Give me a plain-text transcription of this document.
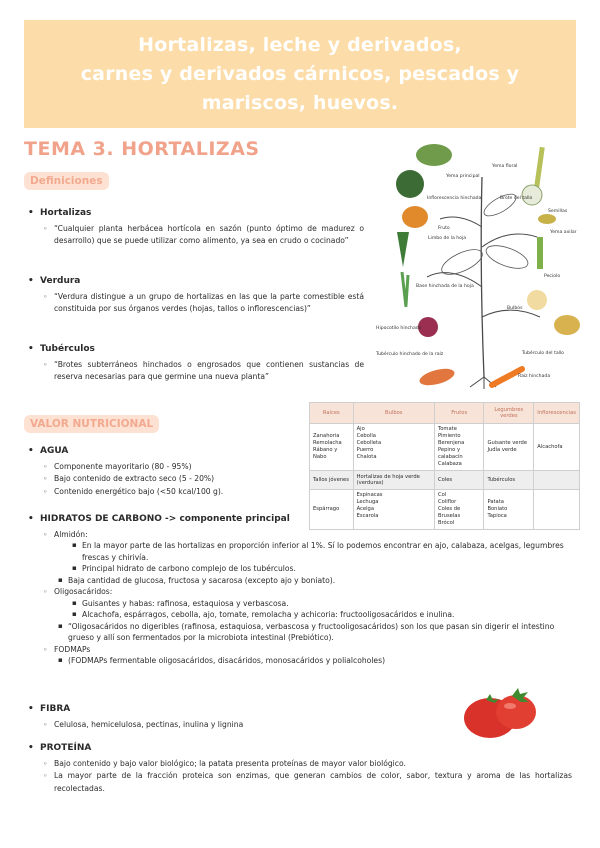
Hortalizas, leche y derivados,
carnes y derivados cárnicos, pescados y
mariscos, huevos.
TEMA 3. HORTALIZAS
Definiciones
• Hortalizas
◦ “Cualquier planta herbácea hortícola en sazón (punto óptimo de madurez o desarrollo) que se puede utilizar como alimento, ya sea en crudo o cocinado”
• Verdura
◦ “Verdura distingue a un grupo de hortalizas en las que la parte comestible está constituida por sus órganos verdes (hojas, tallos o inflorescencias)”
• Tubérculos
◦ “Brotes subterráneos hinchados o engrosados que contienen sustancias de reserva necesarias para que germine una nueva planta”
Yema principal
Yema floral
Inflorescencia hinchada	Brote del tallo
Fruto
Limbo de la hoja
Yema axilar
Semillas
Peciolo
Base hinchada de la hoja
Bulbos
Hipocotilo hinchado
Tubérculo hinchado de la raíz	Tubérculo del tallo
Raíz hinchada
VALOR NUTRICIONAL
Raíces	Bulbos	Frutos	Legumbres verdes	Inflorescencias
Zanahoria
Remolacha
Rábano y Nabo	Ajo
Cebolla
Cebolleta
Puerro
Chalota	Tomate
Pimiento
Berenjena
Pepino y calabacín
Calabaza	Guisante verde
Judía verde	Alcachofa
Tallos jóvenes	Hortalizas de hoja verde (verduras)	Coles	Tubérculos	
Espárrago	Espinacas
Lechuga
Acelga
Escarola	Col
Coliflor
Coles de Bruselas
Brócol	Patata
Boniato
Tapioca	
• AGUA
◦ Componente mayoritario (80 - 95%)
◦ Bajo contenido de extracto seco (5 - 20%)
◦ Contenido energético bajo (<50 kcal/100 g).
• HIDRATOS DE CARBONO -> componente principal
◦ Almidón:
▪ En la mayor parte de las hortalizas en proporción inferior al 1%. Sí lo podemos encontrar en ajo, calabaza, acelgas, legumbres frescas y chirivía.
▪ Principal hidrato de carbono complejo de los tubérculos.
▪ Baja cantidad de glucosa, fructosa y sacarosa (excepto ajo y boniato).
◦ Oligosacáridos:
▪ Guisantes y habas: rafinosa, estaquiosa y verbascosa.
▪ Alcachofa, espárragos, cebolla, ajo, tomate, remolacha y achicoria: fructooligosacáridos e inulina.
▪ “Oligosacáridos no digeribles (rafinosa, estaquiosa, verbascosa y fructooligosacáridos) son los que pasan sin digerir el intestino grueso y allí son fermentados por la microbiota intestinal (Prebiótico).
◦ FODMAPs
▪ (FODMAPs fermentable oligosacáridos, disacáridos, monosacáridos y polialcoholes)
• FIBRA
◦ Celulosa, hemicelulosa, pectinas, inulina y lignina
• PROTEÍNA
◦ Bajo contenido y bajo valor biológico; la patata presenta proteínas de mayor valor biológico.
◦ La mayor parte de la fracción proteica son enzimas, que generan cambios de color, sabor, textura y aroma de las hortalizas recolectadas.
